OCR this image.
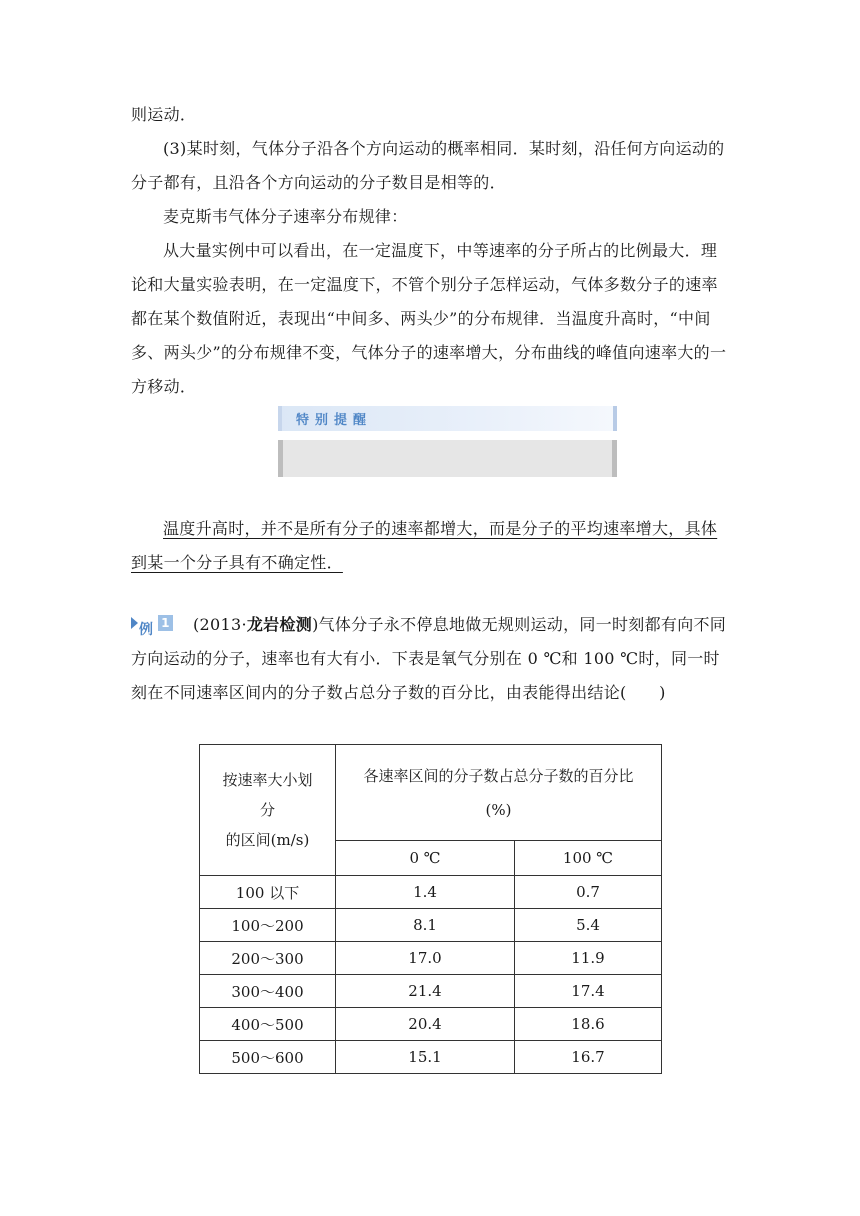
则运动．
(3)某时刻，气体分子沿各个方向运动的概率相同．某时刻，沿任何方向运动的分子都有，且沿各个方向运动的分子数目是相等的．
麦克斯韦气体分子速率分布规律：
从大量实例中可以看出，在一定温度下，中等速率的分子所占的比例最大．理论和大量实验表明，在一定温度下，不管个别分子怎样运动，气体多数分子的速率都在某个数值附近，表现出“中间多、两头少”的分布规律．当温度升高时，“中间多、两头少”的分布规律不变，气体分子的速率增大，分布曲线的峰值向速率大的一方移动．
特别提醒
温度升高时，并不是所有分子的速率都增大，而是分子的平均速率增大，具体到某一个分子具有不确定性．
例 1 (2013·龙岩检测)气体分子永不停息地做无规则运动，同一时刻都有向不同方向运动的分子，速率也有大有小．下表是氧气分别在 0 ℃和 100 ℃时，同一时刻在不同速率区间内的分子数占总分子数的百分比，由表能得出结论(　　)
按速率大小划
分
的区间(m/s)	各速率区间的分子数占总分子数的百分比(%)	
	0 ℃	100 ℃
100 以下	1.4	0.7
100～200	8.1	5.4
200～300	17.0	11.9
300～400	21.4	17.4
400～500	20.4	18.6
500～600	15.1	16.7
